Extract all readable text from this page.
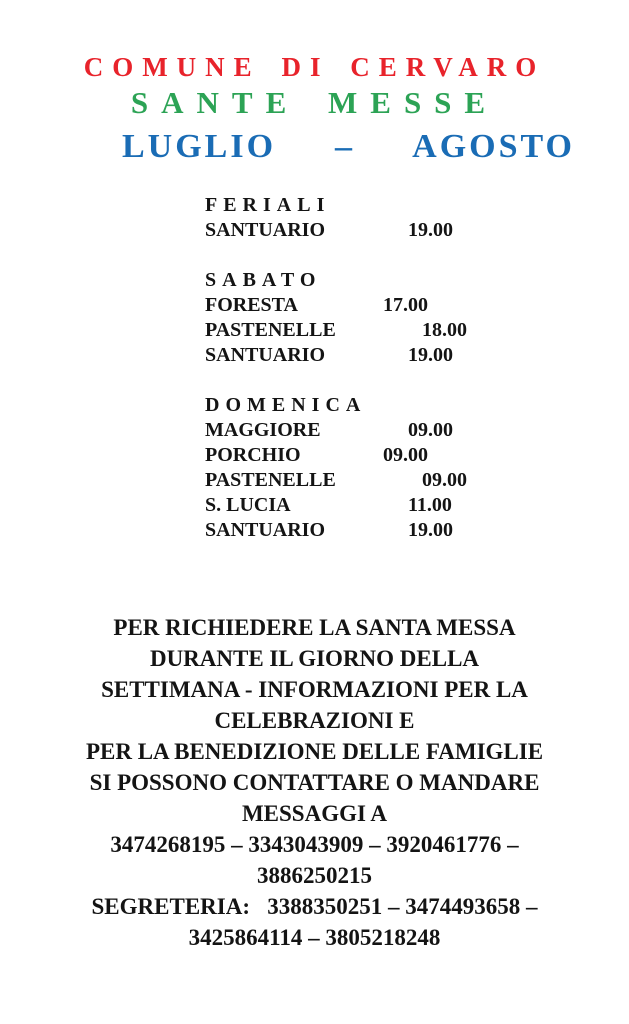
COMUNE DI CERVARO
SANTE MESSE
LUGLIO  –  AGOSTO
FERIALI
SANTUARIO	19.00
SABATO
FORESTA	17.00
PASTENELLE	18.00
SANTUARIO	19.00
DOMENICA
MAGGIORE	09.00
PORCHIO	09.00
PASTENELLE	09.00
S. LUCIA	11.00
SANTUARIO	19.00
PER RICHIEDERE LA SANTA MESSA
DURANTE IL GIORNO DELLA
SETTIMANA - INFORMAZIONI PER LA
CELEBRAZIONI E
PER LA BENEDIZIONE DELLE FAMIGLIE
SI POSSONO CONTATTARE O MANDARE
MESSAGGI A
3474268195 – 3343043909 – 3920461776 –
3886250215
SEGRETERIA:   3388350251 – 3474493658 –
3425864114 – 3805218248
